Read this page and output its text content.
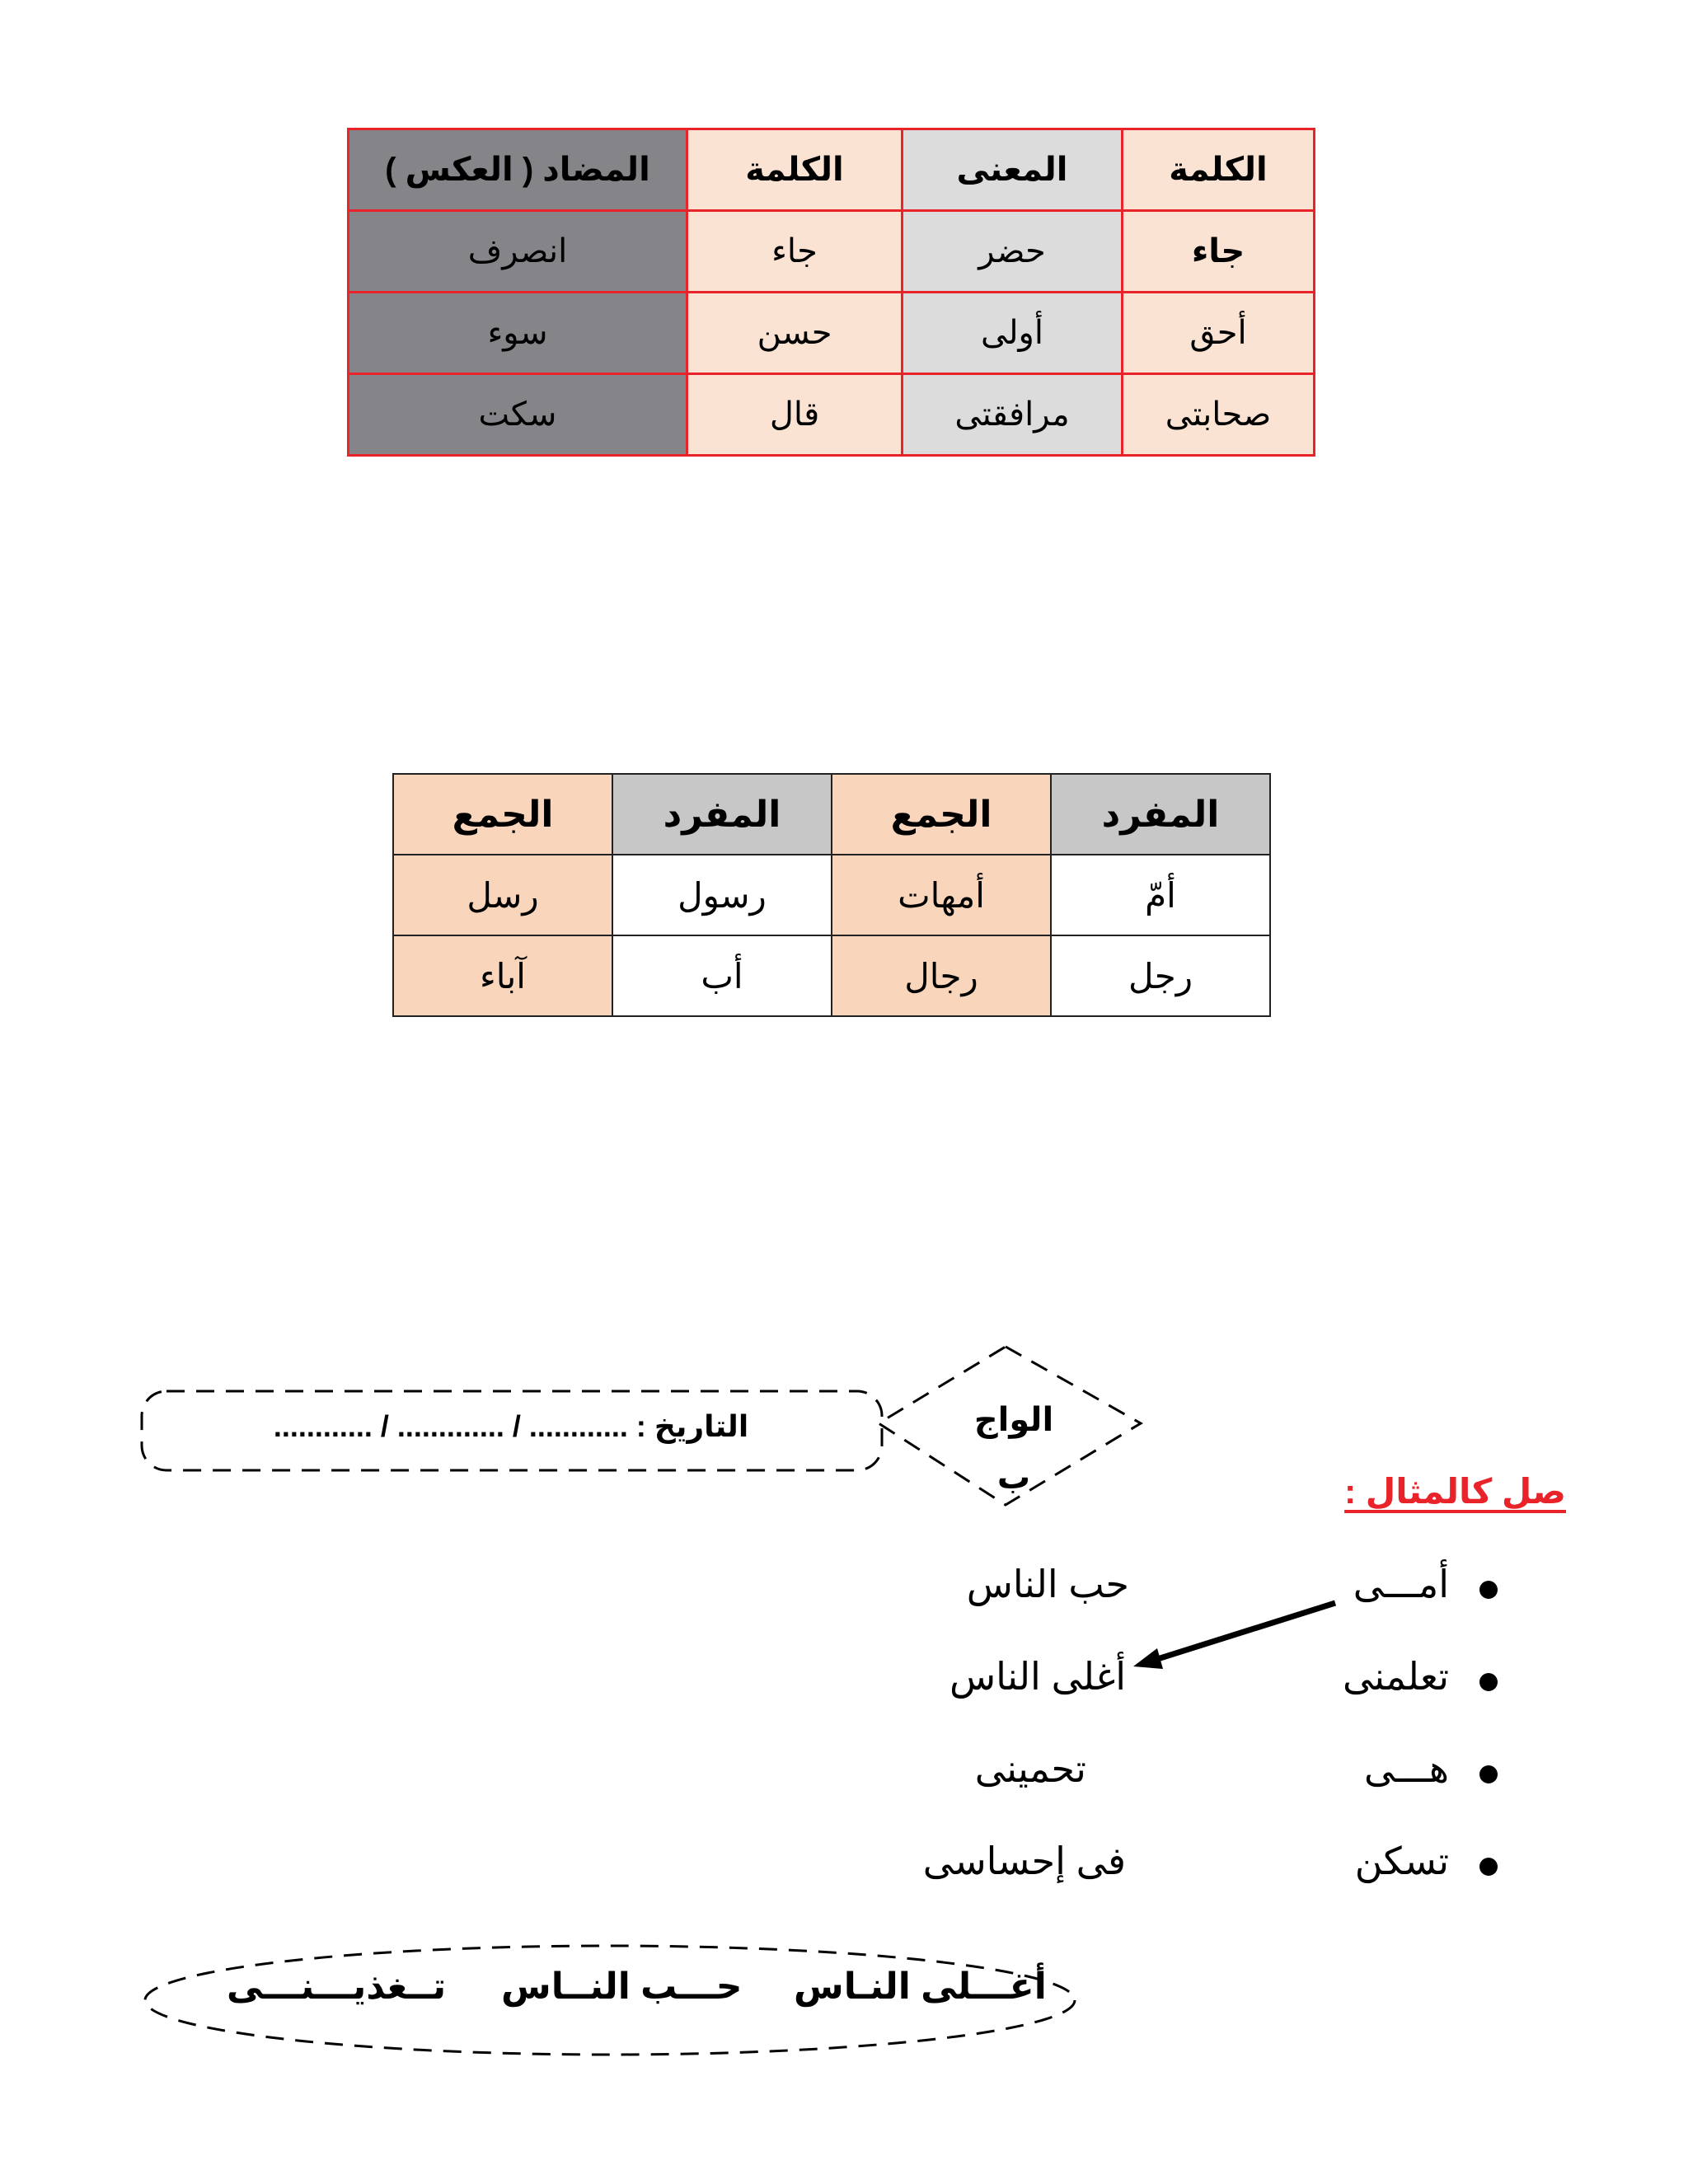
الكلمة	المعنى	الكلمة	المضاد ( العكس )
جاء	حضر	جاء	انصرف
أحق	أولى	حسن	سوء
صحابتى	مرافقتى	قال	سكت
المفرد	الجمع	المفرد	الجمع
أمّ	أمهات	رسول	رسل
رجل	رجال	أب	آباء
التاريخ : ............ / ............. / ............	الواج
ب	صل كالمثال :
أمـــى
تعلمنى
هـــى
تسكن
حب الناس
أغلى الناس
تحمينى
فى إحساسى
أغـــلى النـاس
حـــب النــاس
تــغذيـــنـــى
